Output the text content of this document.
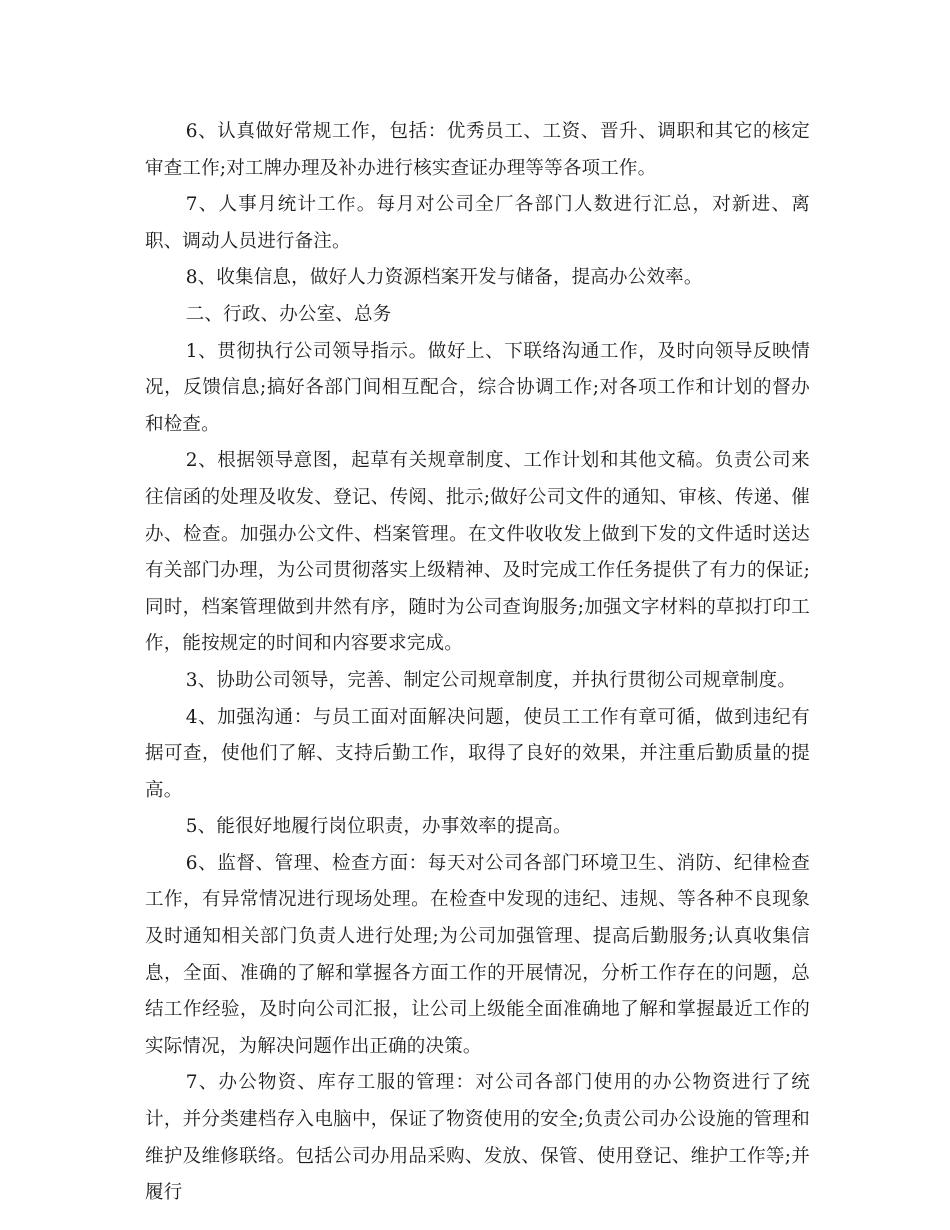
6、认真做好常规工作，包括：优秀员工、工资、晋升、调职和其它的核定审查工作;对工牌办理及补办进行核实查证办理等等各项工作。

7、人事月统计工作。每月对公司全厂各部门人数进行汇总，对新进、离职、调动人员进行备注。

8、收集信息，做好人力资源档案开发与储备，提高办公效率。

二、行政、办公室、总务

1、贯彻执行公司领导指示。做好上、下联络沟通工作，及时向领导反映情况，反馈信息;搞好各部门间相互配合，综合协调工作;对各项工作和计划的督办和检查。

2、根据领导意图，起草有关规章制度、工作计划和其他文稿。负责公司来往信函的处理及收发、登记、传阅、批示;做好公司文件的通知、审核、传递、催办、检查。加强办公文件、档案管理。在文件收收发上做到下发的文件适时送达有关部门办理，为公司贯彻落实上级精神、及时完成工作任务提供了有力的保证;同时，档案管理做到井然有序，随时为公司查询服务;加强文字材料的草拟打印工作，能按规定的时间和内容要求完成。

3、协助公司领导，完善、制定公司规章制度，并执行贯彻公司规章制度。

4、加强沟通：与员工面对面解决问题，使员工工作有章可循，做到违纪有据可查，使他们了解、支持后勤工作，取得了良好的效果，并注重后勤质量的提高。

5、能很好地履行岗位职责，办事效率的提高。

6、监督、管理、检查方面：每天对公司各部门环境卫生、消防、纪律检查工作，有异常情况进行现场处理。在检查中发现的违纪、违规、等各种不良现象及时通知相关部门负责人进行处理;为公司加强管理、提高后勤服务;认真收集信息，全面、准确的了解和掌握各方面工作的开展情况，分析工作存在的问题，总结工作经验，及时向公司汇报，让公司上级能全面准确地了解和掌握最近工作的实际情况，为解决问题作出正确的决策。

7、办公物资、库存工服的管理：对公司各部门使用的办公物资进行了统计，并分类建档存入电脑中，保证了物资使用的安全;负责公司办公设施的管理和维护及维修联络。包括公司办用品采购、发放、保管、使用登记、维护工作等;并履行
